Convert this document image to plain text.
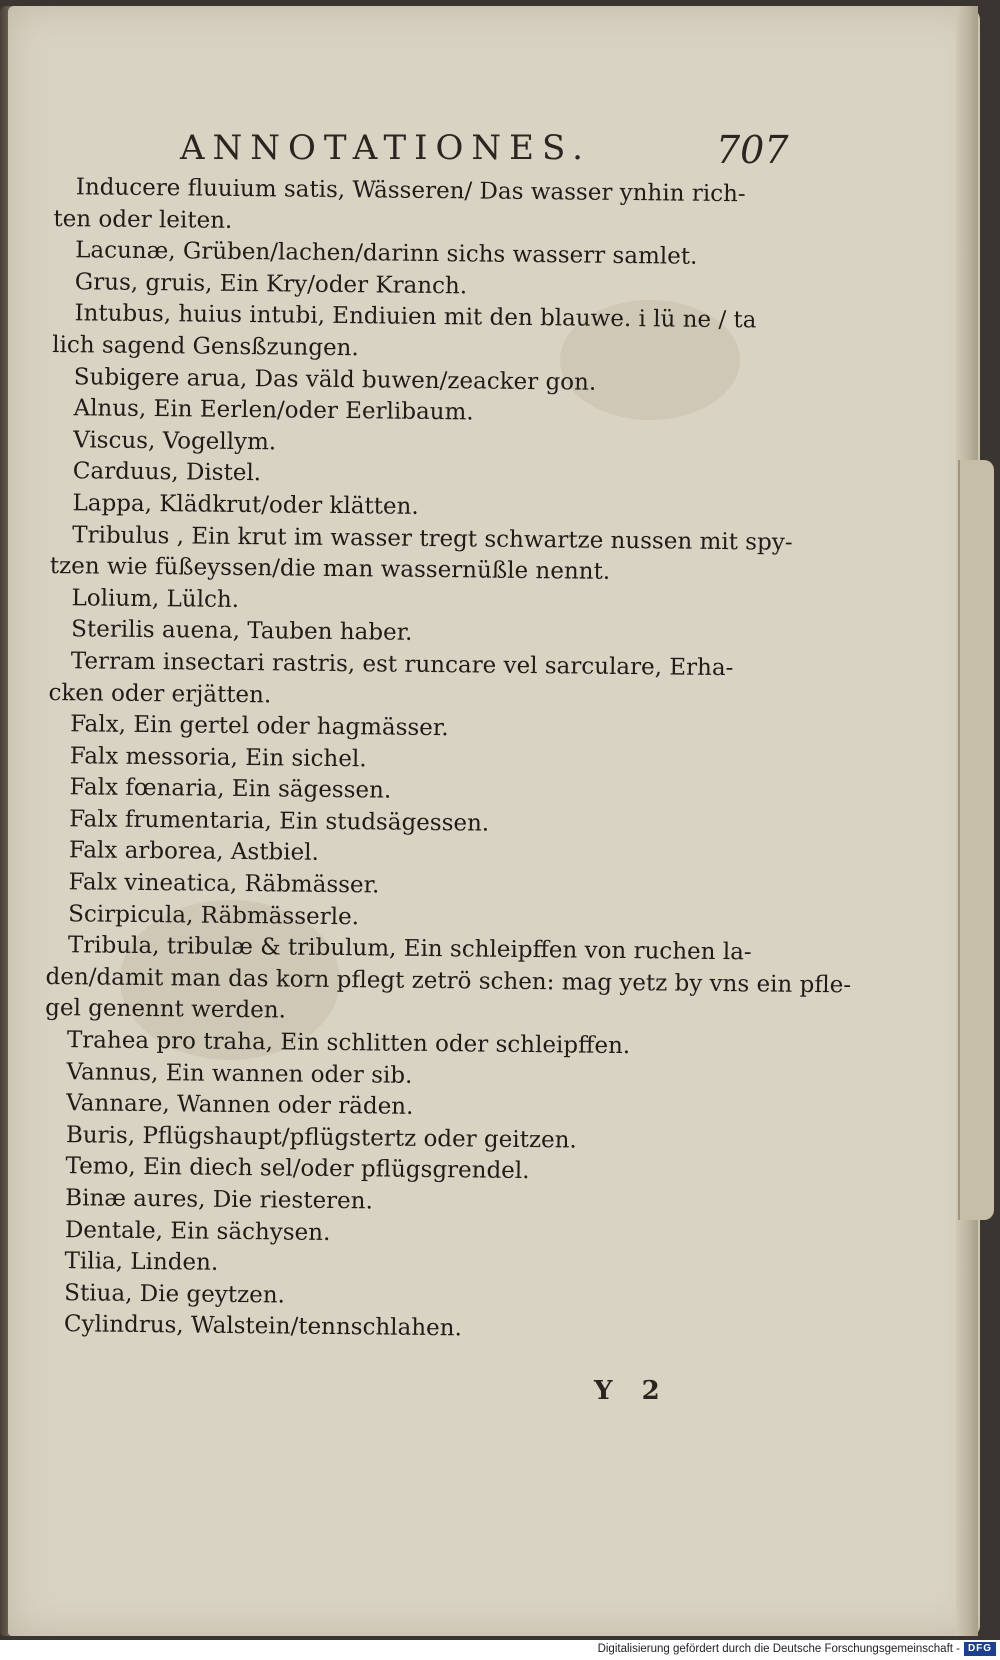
ANNOTATIONES.	707
Inducere fluuium satis, Wässeren/ Das wasser ynhin rich-
ten oder leiten.
Lacunæ, Grüben/lachen/darinn sichs wasserr samlet.
Grus, gruis, Ein Kry/oder Kranch.
Intubus, huius intubi, Endiuien mit den blauwe. i lü ne / ta
lich sagend Gensßzungen.
Subigere arua, Das väld buwen/zeacker gon.
Alnus, Ein Eerlen/oder Eerlibaum.
Viscus, Vogellym.
Carduus, Distel.
Lappa, Klädkrut/oder klätten.
Tribulus , Ein krut im wasser tregt schwartze nussen mit spy-
tzen wie füßeyssen/die man wassernüßle nennt.
Lolium, Lülch.
Sterilis auena, Tauben haber.
Terram insectari rastris, est runcare vel sarculare, Erha-
cken oder erjätten.
Falx, Ein gertel oder hagmässer.
Falx messoria, Ein sichel.
Falx fœnaria, Ein sägessen.
Falx frumentaria, Ein studsägessen.
Falx arborea, Astbiel.
Falx vineatica, Räbmässer.
Scirpicula, Räbmässerle.
Tribula, tribulæ & tribulum, Ein schleipffen von ruchen la-
den/damit man das korn pflegt zetrö schen: mag yetz by vns ein pfle-
gel genennt werden.
Trahea pro traha, Ein schlitten oder schleipffen.
Vannus, Ein wannen oder sib.
Vannare, Wannen oder räden.
Buris, Pflügshaupt/pflügstertz oder geitzen.
Temo, Ein diech sel/oder pflügsgrendel.
Binæ aures, Die riesteren.
Dentale, Ein sächysen.
Tilia, Linden.
Stiua, Die geytzen.
Cylindrus, Walstein/tennschlahen.
Y 2
Digitalisierung gefördert durch die Deutsche Forschungsgemeinschaft - DFG
